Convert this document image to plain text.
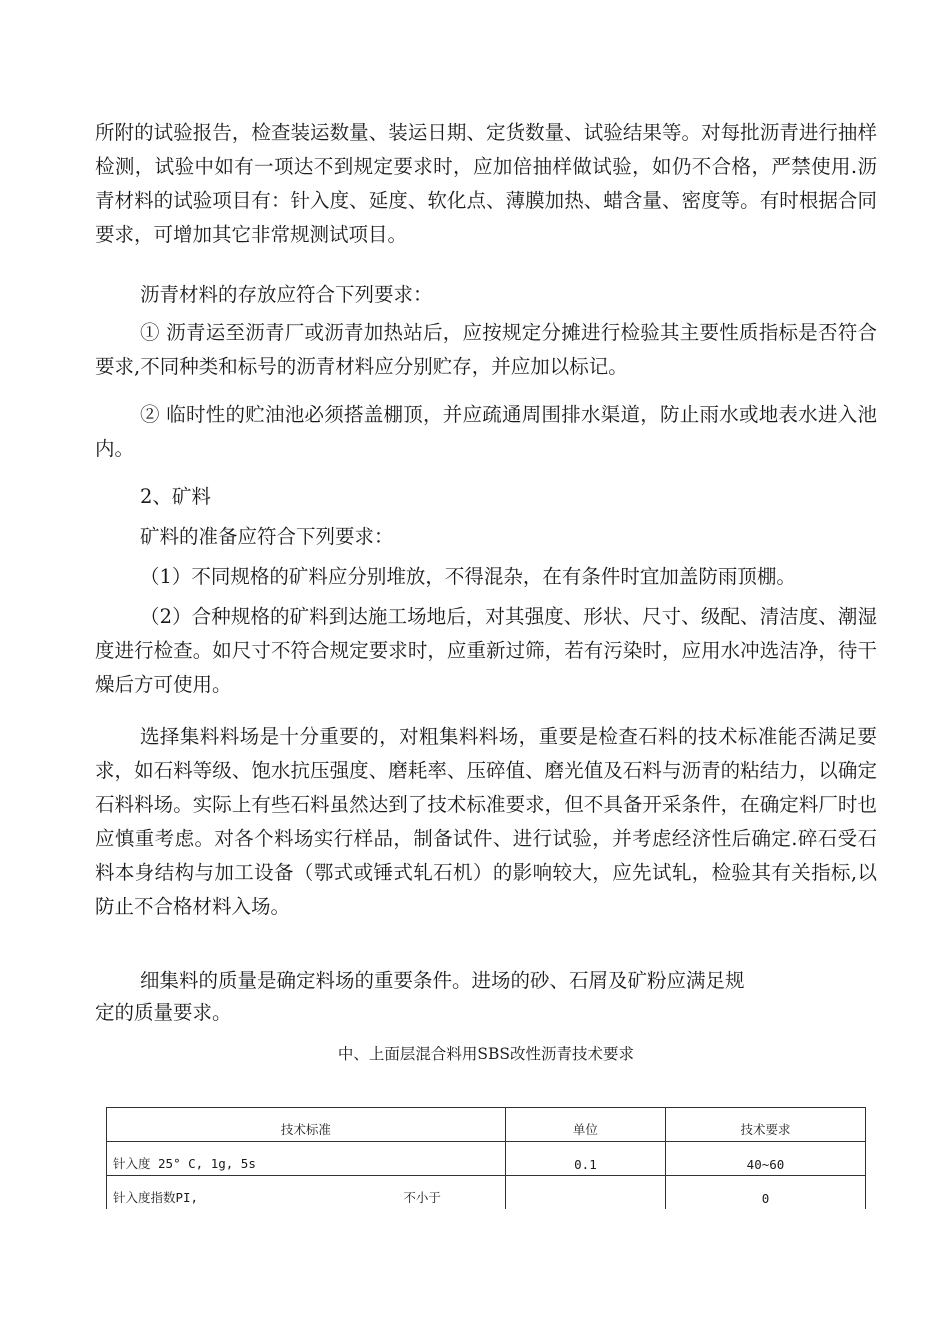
所附的试验报告，检查装运数量、装运日期、定货数量、试验结果等。对每批沥青进行抽样检测，试验中如有一项达不到规定要求时，应加倍抽样做试验，如仍不合格，严禁使用.沥青材料的试验项目有：针入度、延度、软化点、薄膜加热、蜡含量、密度等。有时根据合同要求，可增加其它非常规测试项目。

沥青材料的存放应符合下列要求：

① 沥青运至沥青厂或沥青加热站后，应按规定分摊进行检验其主要性质指标是否符合要求,不同种类和标号的沥青材料应分别贮存，并应加以标记。

② 临时性的贮油池必须搭盖棚顶，并应疏通周围排水渠道，防止雨水或地表水进入池内。

2、矿料

矿料的准备应符合下列要求：

（1）不同规格的矿料应分别堆放，不得混杂，在有条件时宜加盖防雨顶棚。

（2）合种规格的矿料到达施工场地后，对其强度、形状、尺寸、级配、清洁度、潮湿度进行检查。如尺寸不符合规定要求时，应重新过筛，若有污染时，应用水冲选洁净，待干燥后方可使用。

选择集料料场是十分重要的，对粗集料料场，重要是检查石料的技术标准能否满足要求，如石料等级、饱水抗压强度、磨耗率、压碎值、磨光值及石料与沥青的粘结力，以确定石料料场。实际上有些石料虽然达到了技术标准要求，但不具备开采条件，在确定料厂时也应慎重考虑。对各个料场实行样品，制备试件、进行试验，并考虑经济性后确定.碎石受石料本身结构与加工设备（鄂式或锤式轧石机）的影响较大，应先试轧，检验其有关指标,以防止不合格材料入场。

细集料的质量是确定料场的重要条件。进场的砂、石屑及矿粉应满足规

定的质量要求。

中、上面层混合料用SBS改性沥青技术要求

技术标准	单位	技术要求
针入度 25° C, 1g, 5s	0.1	40~60
针入度指数PI, 不小于		0
